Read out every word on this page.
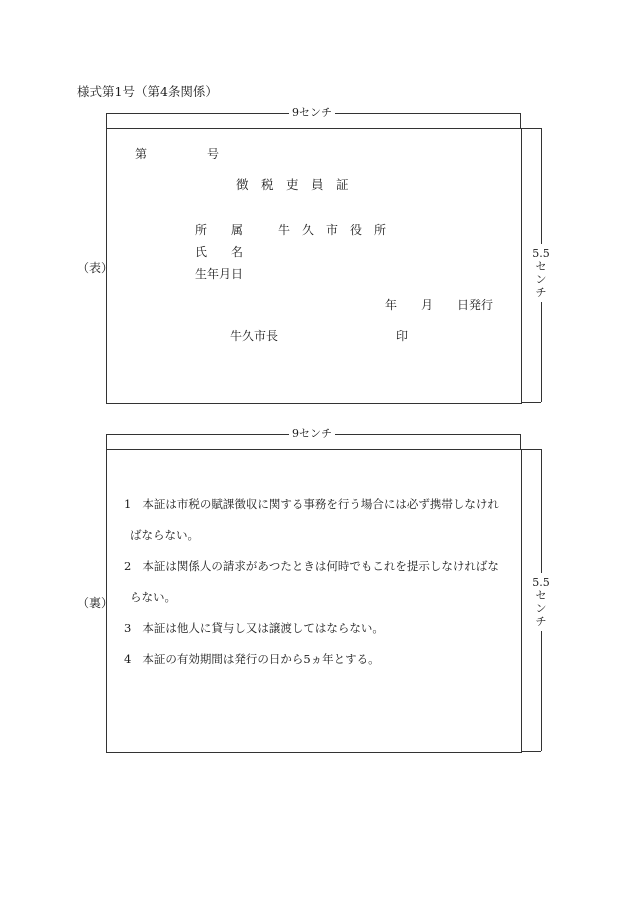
様式第1号（第4条関係）
9センチ
5.5
セ
ン
チ
（表）
第	号
徴　税　吏　員　証
所　　属	牛　久　市　役　所
氏　　名
生年月日
年　　月　　日発行
牛久市長	印
9センチ
5.5
セ
ン
チ
（裏）
1 本証は市税の賦課徴収に関する事務を行う場合には必ず携帯しなけれ
ばならない。
2 本証は関係人の請求があつたときは何時でもこれを提示しなければな
らない。
3 本証は他人に貸与し又は譲渡してはならない。
4 本証の有効期間は発行の日から5ヵ年とする。
